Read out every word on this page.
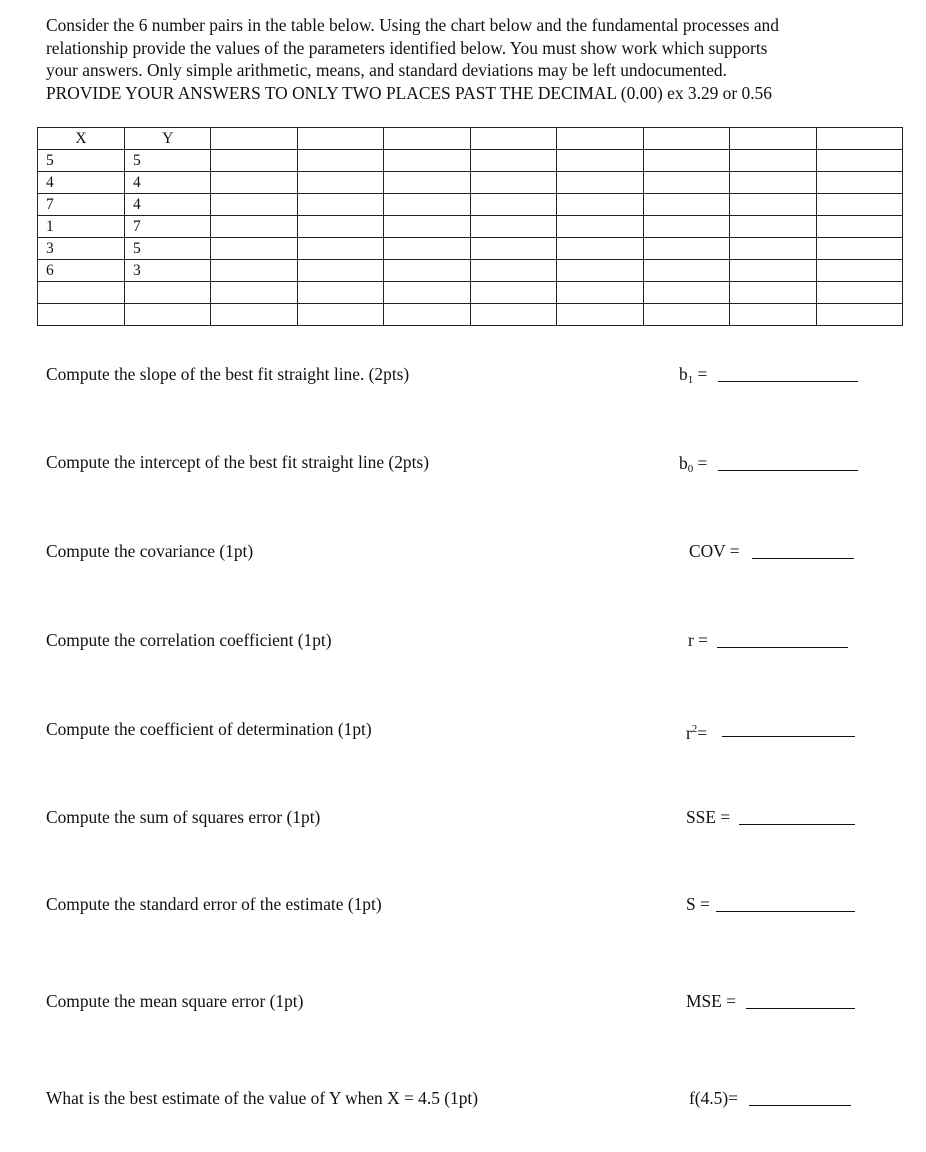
Consider the 6 number pairs in the table below. Using the chart below and the fundamental processes and

relationship provide the values of the parameters identified below. You must show work which supports

your answers. Only simple arithmetic, means, and standard deviations may be left undocumented.

PROVIDE YOUR ANSWERS TO ONLY TWO PLACES PAST THE DECIMAL (0.00) ex 3.29 or 0.56

X	Y								
5	5								
4	4								
7	4								
1	7								
3	5								
6	3								

Compute the slope of the best fit straight line. (2pts)	$b_1$ =
Compute the intercept of the best fit straight line (2pts)	$b_0$ =
Compute the covariance (1pt)	COV =
Compute the correlation coefficient (1pt)	r =
Compute the coefficient of determination (1pt)	$r^2=$
Compute the sum of squares error (1pt)	SSE =
Compute the standard error of the estimate (1pt)	S =
Compute the mean square error (1pt)	MSE =
What is the best estimate of the value of Y when X = 4.5 (1pt)	f(4.5)=
